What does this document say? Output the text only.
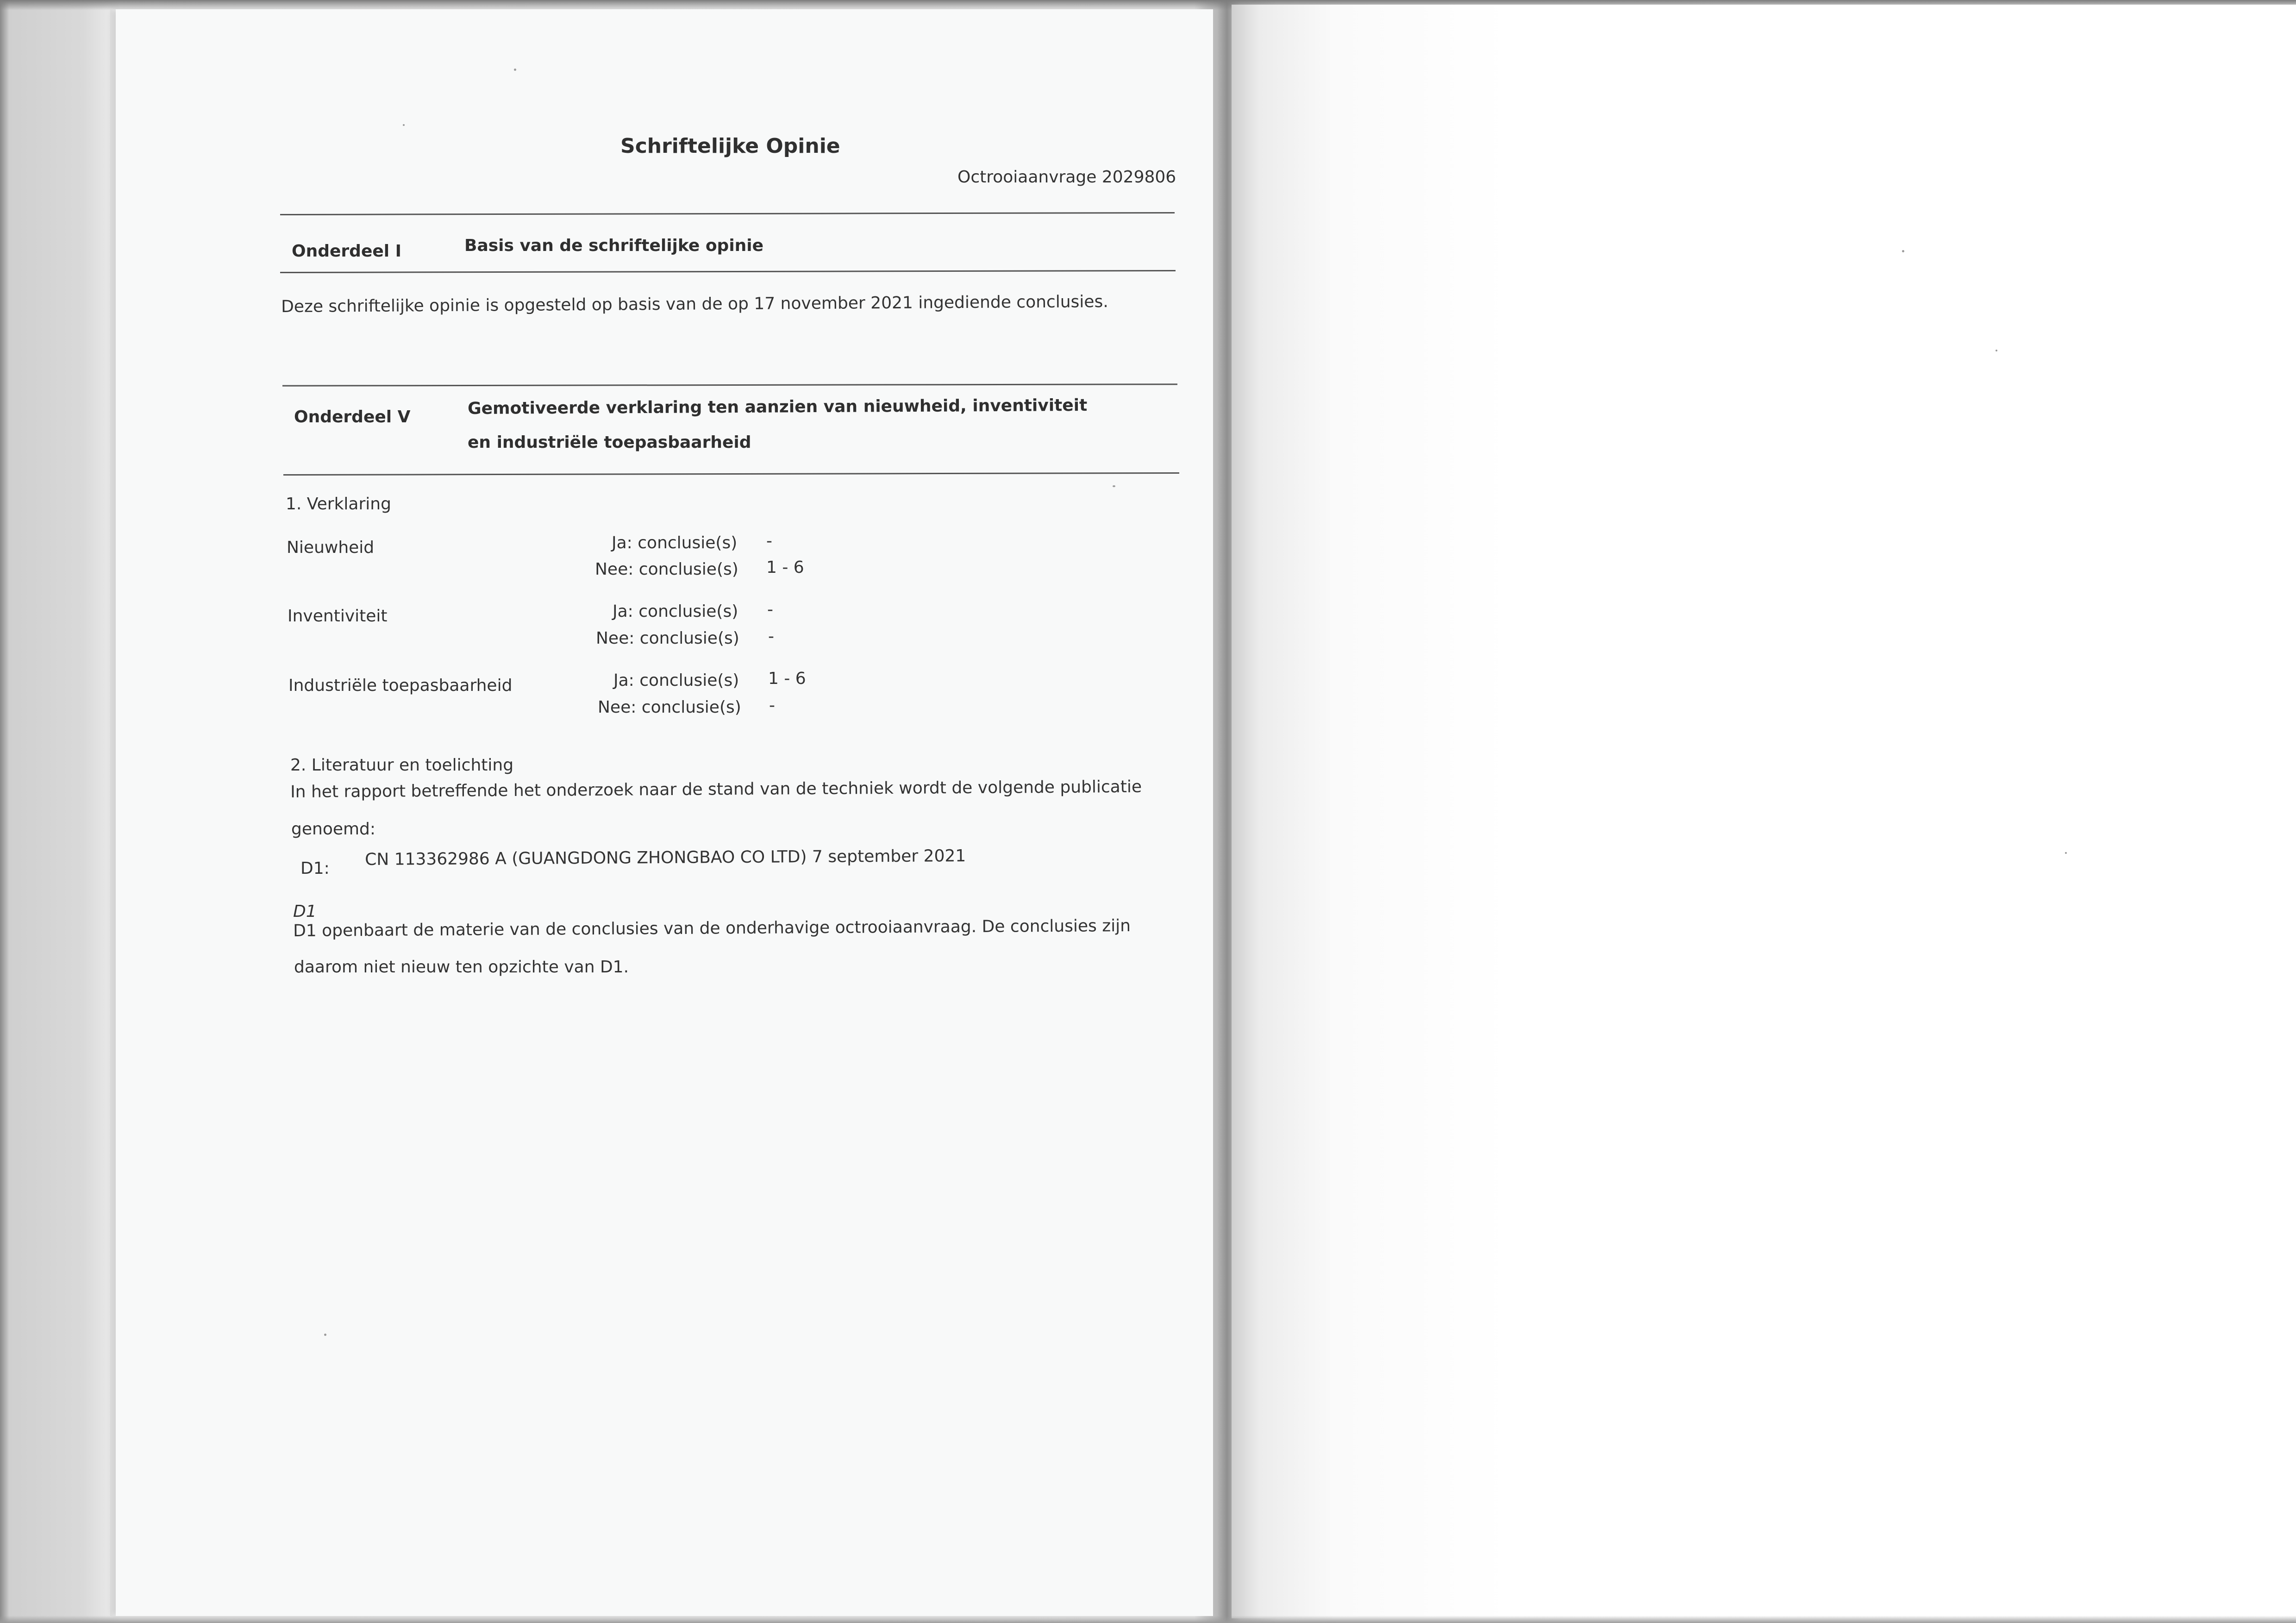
Schriftelijke Opinie
Octrooiaanvrage 2029806
Onderdeel I	Basis van de schriftelijke opinie
Deze schriftelijke opinie is opgesteld op basis van de op 17 november 2021 ingediende conclusies.
Onderdeel V	Gemotiveerde verklaring ten aanzien van nieuwheid, inventiviteit
en industriële toepasbaarheid
1. Verklaring
Nieuwheid	Ja: conclusie(s) -
Nee: conclusie(s) 1 - 6
Inventiviteit	Ja: conclusie(s) -
Nee: conclusie(s) -
Industriële toepasbaarheid	Ja: conclusie(s) 1 - 6
Nee: conclusie(s) -
2. Literatuur en toelichting
In het rapport betreffende het onderzoek naar de stand van de techniek wordt de volgende publicatie
genoemd:
D1: CN 113362986 A (GUANGDONG ZHONGBAO CO LTD) 7 september 2021
D1
D1 openbaart de materie van de conclusies van de onderhavige octrooiaanvraag. De conclusies zijn
daarom niet nieuw ten opzichte van D1.
